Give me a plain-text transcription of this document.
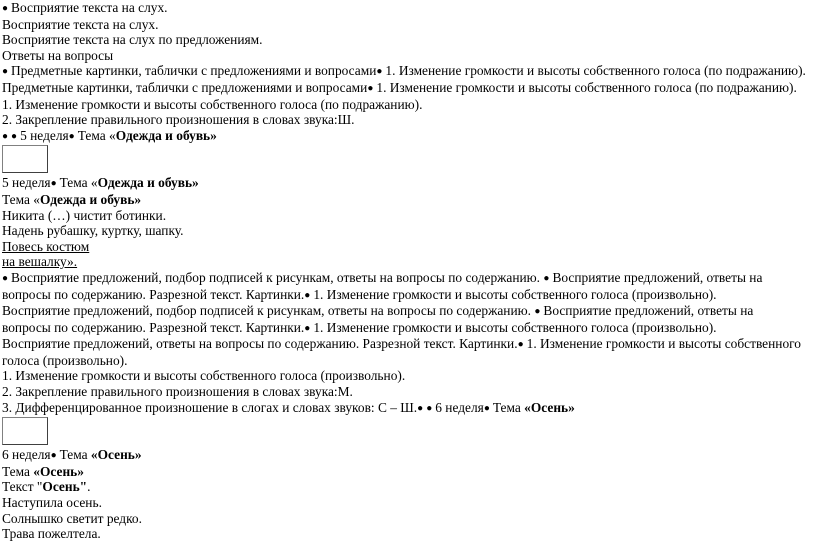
● Восприятие текста на слух.
Восприятие текста на слух.
Восприятие текста на слух по предложениям.
Ответы на вопросы
● Предметные картинки, таблички с предложениями и вопросами● 1. Изменение громкости и высоты собственного голоса (по подражанию).
Предметные картинки, таблички с предложениями и вопросами● 1. Изменение громкости и высоты собственного голоса (по подражанию).
1. Изменение громкости и высоты собственного голоса (по подражанию).
2. Закрепление правильного произношения в словах звука:Ш.
● ● 5 неделя● Тема «Одежда и обувь»
5 неделя● Тема «Одежда и обувь»
Тема «Одежда и обувь»
Никита (…) чистит ботинки.
Надень рубашку, куртку, шапку.
Повесь костюм
на вешалку».
● Восприятие предложений, подбор подписей к рисункам, ответы на вопросы по содержанию. ● Восприятие предложений, ответы на вопросы по содержанию. Разрезной текст. Картинки.● 1. Изменение громкости и высоты собственного голоса (произвольно).
Восприятие предложений, подбор подписей к рисункам, ответы на вопросы по содержанию. ● Восприятие предложений, ответы на вопросы по содержанию. Разрезной текст. Картинки.● 1. Изменение громкости и высоты собственного голоса (произвольно).
Восприятие предложений, ответы на вопросы по содержанию. Разрезной текст. Картинки.● 1. Изменение громкости и высоты собственного голоса (произвольно).
1. Изменение громкости и высоты собственного голоса (произвольно).
2. Закрепление правильного произношения в словах звука:М.
3. Дифференцированное произношение в слогах и словах звуков: С – Ш.● ● 6 неделя● Тема «Осень»
6 неделя● Тема «Осень»
Тема «Осень»
Текст "Осень".
Наступила осень.
Солнышко светит редко.
Трава пожелтела.
